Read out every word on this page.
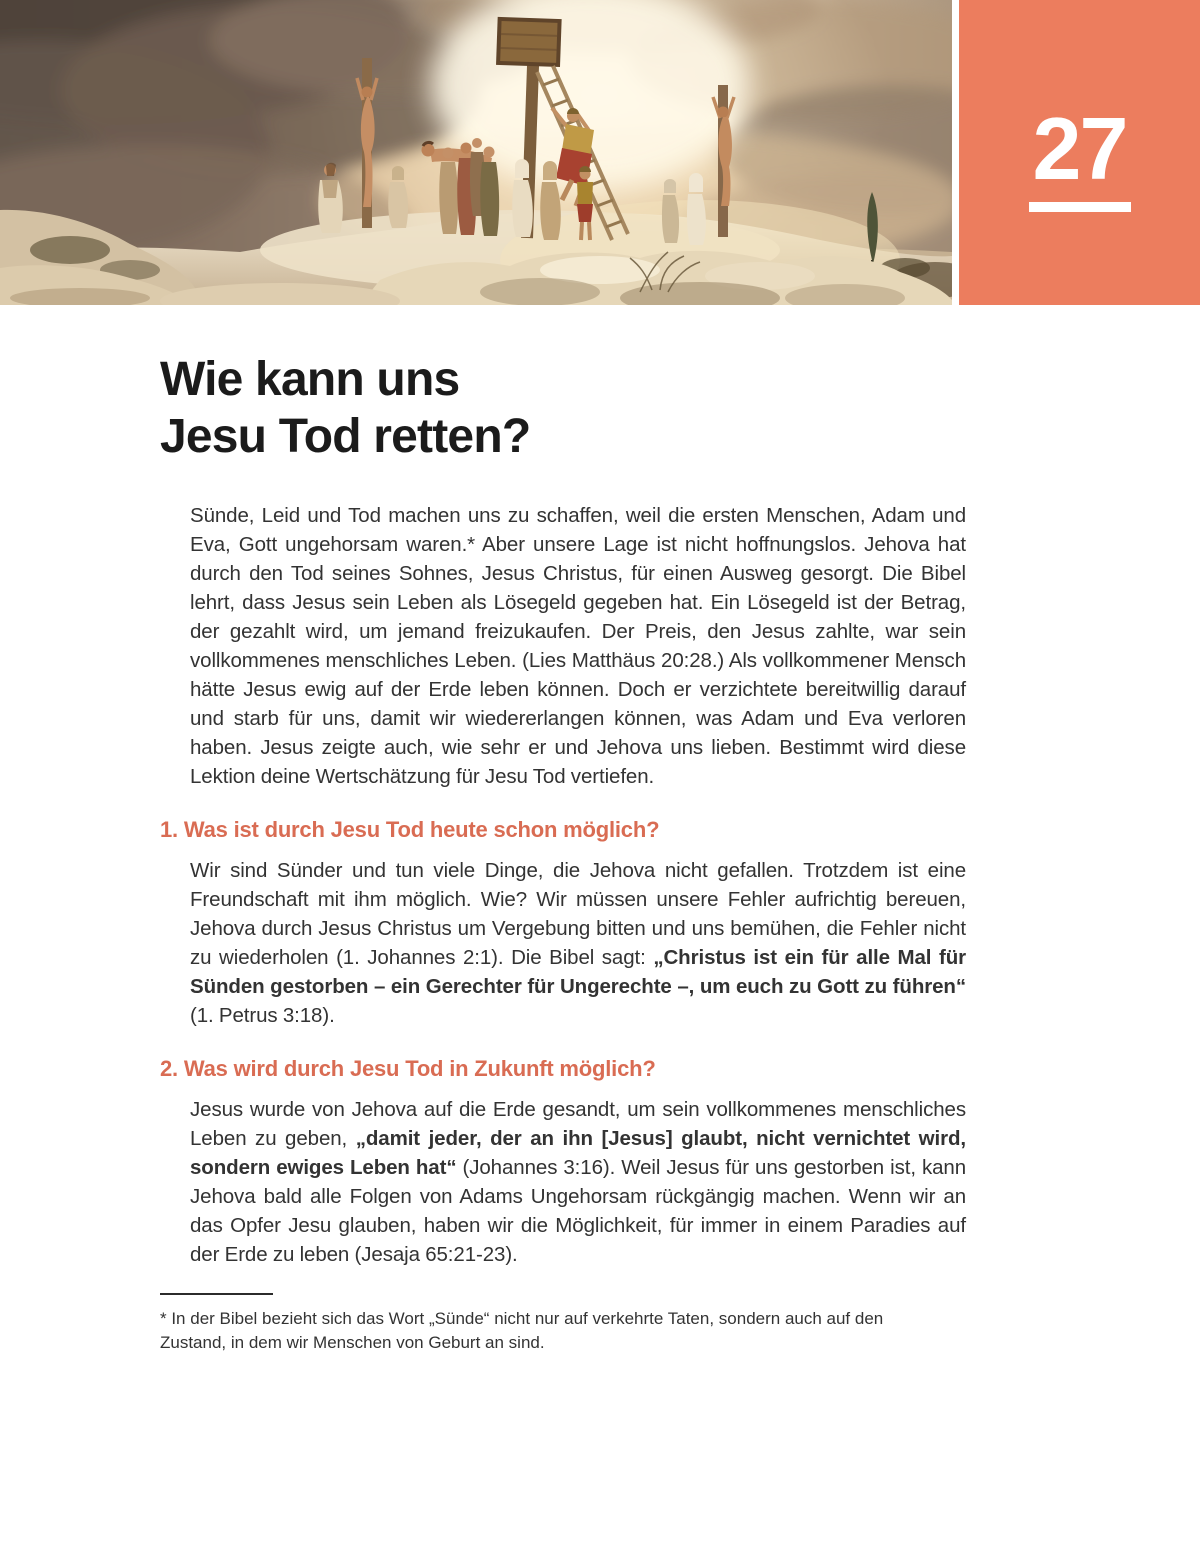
27
Wie kann uns
Jesu Tod retten?

Sünde, Leid und Tod machen uns zu schaffen, weil die ersten Menschen, Adam und Eva, Gott ungehorsam waren.* Aber unsere Lage ist nicht hoffnungslos. Jehova hat durch den Tod seines Sohnes, Jesus Christus, für einen Ausweg gesorgt. Die Bibel lehrt, dass Jesus sein Leben als Lösegeld gegeben hat. Ein Lösegeld ist der Betrag, der gezahlt wird, um jemand freizukaufen. Der Preis, den Jesus zahlte, war sein vollkommenes menschliches Leben. (Lies Matthäus 20:28.) Als vollkommener Mensch hätte Jesus ewig auf der Erde leben können. Doch er verzichtete bereitwillig darauf und starb für uns, damit wir wiedererlangen können, was Adam und Eva verloren haben. Jesus zeigte auch, wie sehr er und Jehova uns lieben. Bestimmt wird diese Lektion deine Wertschätzung für Jesu Tod vertiefen.

1. Was ist durch Jesu Tod heute schon möglich?

Wir sind Sünder und tun viele Dinge, die Jehova nicht gefallen. Trotzdem ist eine Freundschaft mit ihm möglich. Wie? Wir müssen unsere Fehler aufrichtig bereuen, Jehova durch Jesus Christus um Vergebung bitten und uns bemühen, die Fehler nicht zu wiederholen (1. Johannes 2:1). Die Bibel sagt: „Christus ist ein für alle Mal für Sünden gestorben – ein Gerechter für Ungerechte –, um euch zu Gott zu führen“ (1. Petrus 3:18).

2. Was wird durch Jesu Tod in Zukunft möglich?

Jesus wurde von Jehova auf die Erde gesandt, um sein vollkommenes menschliches Leben zu geben, „damit jeder, der an ihn [Jesus] glaubt, nicht vernichtet wird, sondern ewiges Leben hat“ (Johannes 3:16). Weil Jesus für uns gestorben ist, kann Jehova bald alle Folgen von Adams Ungehorsam rückgängig machen. Wenn wir an das Opfer Jesu glauben, haben wir die Möglichkeit, für immer in einem Paradies auf der Erde zu leben (Jesaja 65:21-23).

* In der Bibel bezieht sich das Wort „Sünde“ nicht nur auf verkehrte Taten, sondern auch auf den Zustand, in dem wir Menschen von Geburt an sind.
